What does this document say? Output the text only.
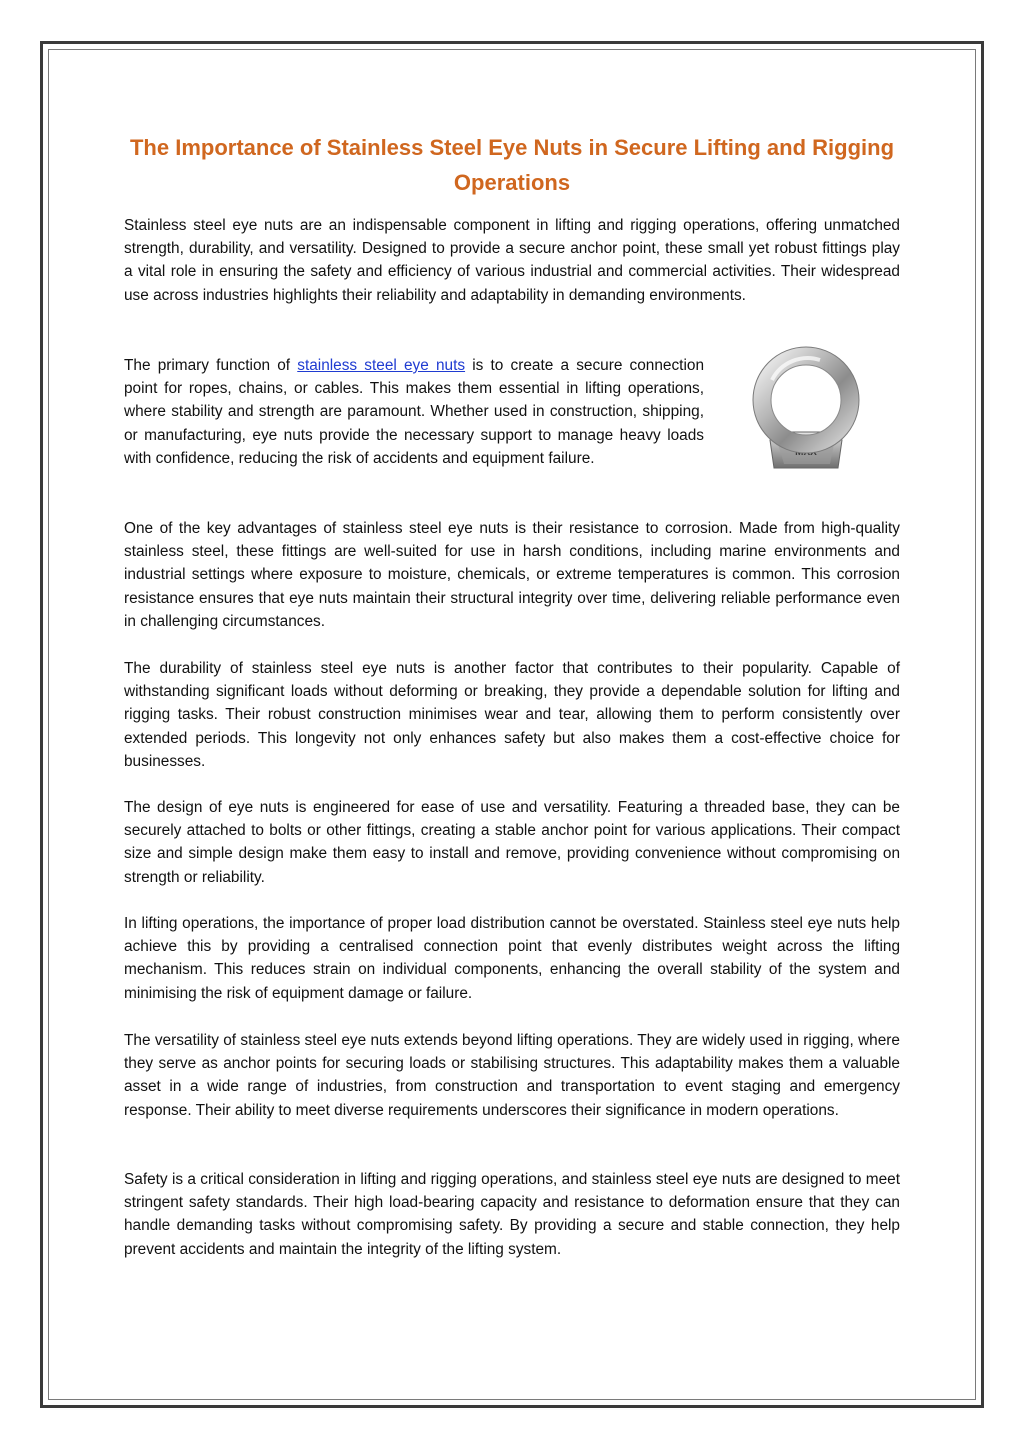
The Importance of Stainless Steel Eye Nuts in Secure Lifting and Rigging Operations

Stainless steel eye nuts are an indispensable component in lifting and rigging operations, offering unmatched strength, durability, and versatility. Designed to provide a secure anchor point, these small yet robust fittings play a vital role in ensuring the safety and efficiency of various industrial and commercial activities. Their widespread use across industries highlights their reliability and adaptability in demanding environments.

The primary function of stainless steel eye nuts is to create a secure connection point for ropes, chains, or cables. This makes them essential in lifting operations, where stability and strength are paramount. Whether used in construction, shipping, or manufacturing, eye nuts provide the necessary support to manage heavy loads with confidence, reducing the risk of accidents and equipment failure.	MXX

One of the key advantages of stainless steel eye nuts is their resistance to corrosion. Made from high-quality stainless steel, these fittings are well-suited for use in harsh conditions, including marine environments and industrial settings where exposure to moisture, chemicals, or extreme temperatures is common. This corrosion resistance ensures that eye nuts maintain their structural integrity over time, delivering reliable performance even in challenging circumstances.

The durability of stainless steel eye nuts is another factor that contributes to their popularity. Capable of withstanding significant loads without deforming or breaking, they provide a dependable solution for lifting and rigging tasks. Their robust construction minimises wear and tear, allowing them to perform consistently over extended periods. This longevity not only enhances safety but also makes them a cost-effective choice for businesses.

The design of eye nuts is engineered for ease of use and versatility. Featuring a threaded base, they can be securely attached to bolts or other fittings, creating a stable anchor point for various applications. Their compact size and simple design make them easy to install and remove, providing convenience without compromising on strength or reliability.

In lifting operations, the importance of proper load distribution cannot be overstated. Stainless steel eye nuts help achieve this by providing a centralised connection point that evenly distributes weight across the lifting mechanism. This reduces strain on individual components, enhancing the overall stability of the system and minimising the risk of equipment damage or failure.

The versatility of stainless steel eye nuts extends beyond lifting operations. They are widely used in rigging, where they serve as anchor points for securing loads or stabilising structures. This adaptability makes them a valuable asset in a wide range of industries, from construction and transportation to event staging and emergency response. Their ability to meet diverse requirements underscores their significance in modern operations.

Safety is a critical consideration in lifting and rigging operations, and stainless steel eye nuts are designed to meet stringent safety standards. Their high load-bearing capacity and resistance to deformation ensure that they can handle demanding tasks without compromising safety. By providing a secure and stable connection, they help prevent accidents and maintain the integrity of the lifting system.
